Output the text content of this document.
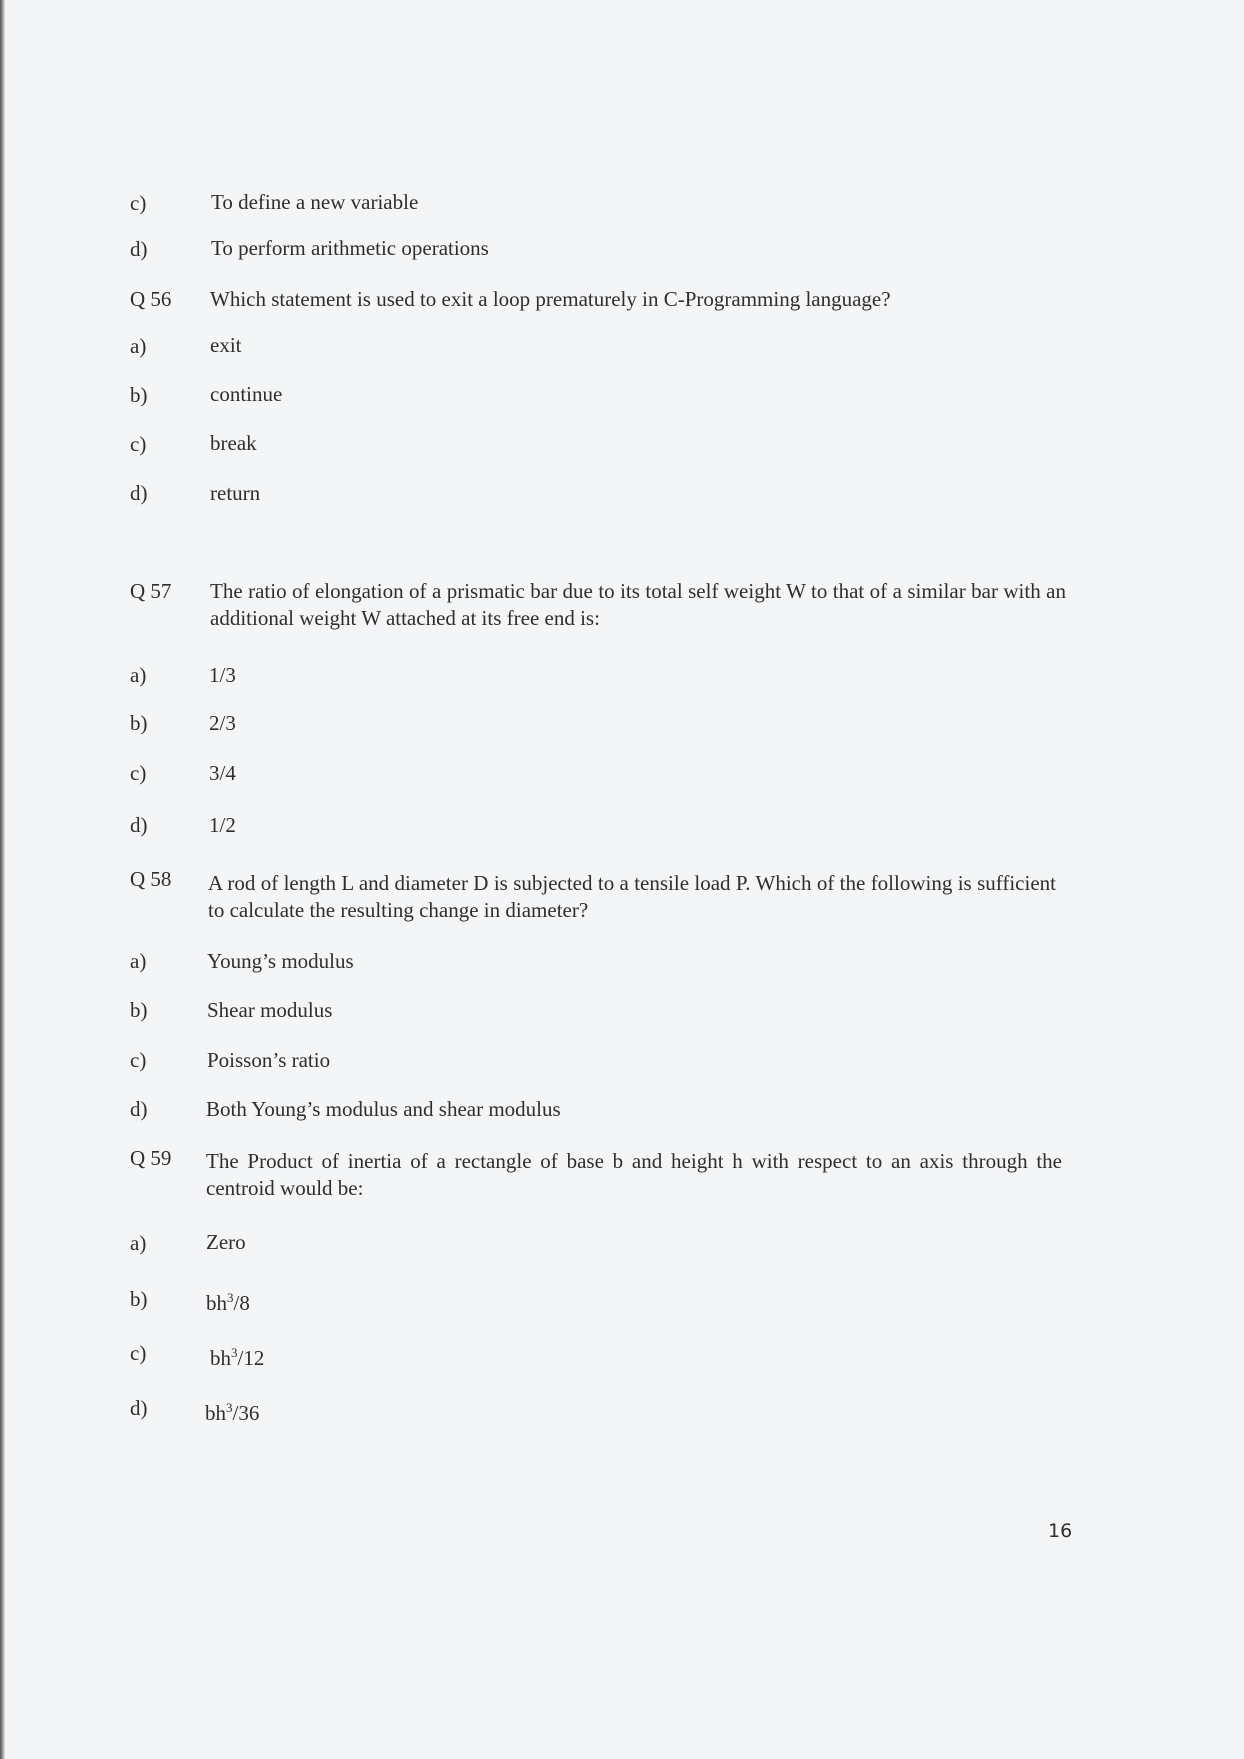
c)	To define a new variable
d)	To perform arithmetic operations
Q 56 Which statement is used to exit a loop prematurely in C-Programming language?
a)	exit
b)	continue
c)	break
d)	return
Q 57 The ratio of elongation of a prismatic bar due to its total self weight W to that of a similar bar with an additional weight W attached at its free end is:
a)	1/3
b)	2/3
c)	3/4
d)	1/2
Q 58 A rod of length L and diameter D is subjected to a tensile load P. Which of the following is sufficient to calculate the resulting change in diameter?
a)	Young’s modulus
b)	Shear modulus
c)	Poisson’s ratio
d)	Both Young’s modulus and shear modulus
Q 59 The Product of inertia of a rectangle of base b and height h with respect to an axis through the centroid would be:
a)	Zero
b)	$bh^3/8$
c)	$bh^3/12$
d)	$bh^3/36$
16
